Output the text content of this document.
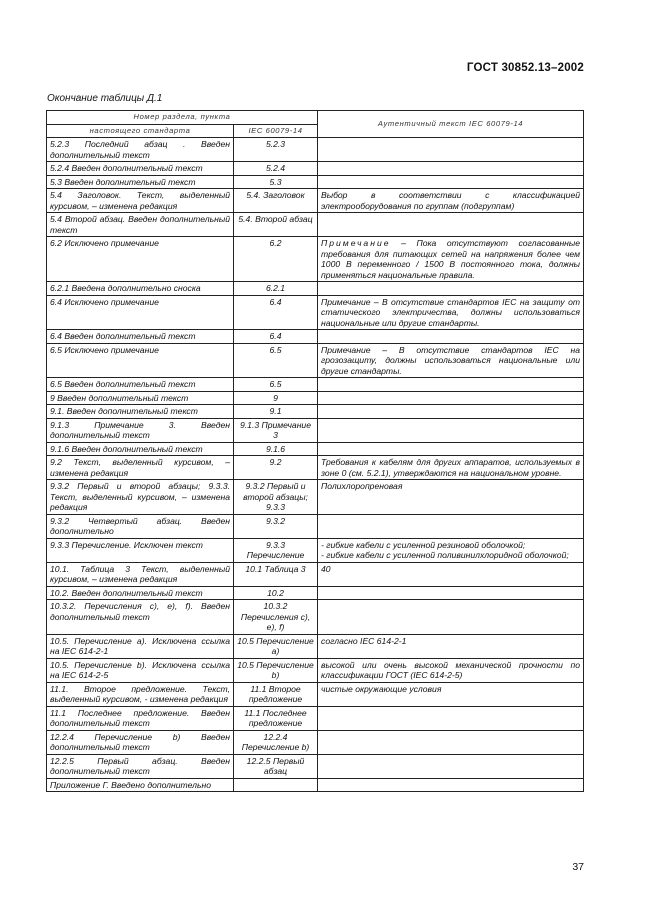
ГОСТ 30852.13–2002
Окончание таблицы Д.1
Номер раздела, пункта		Аутентичный текст IEC 60079-14
настоящего стандарта	IEC 60079-14	
5.2.3 Последний абзац . Введен дополнительный текст	5.2.3	
5.2.4 Введен дополнительный текст	5.2.4	
5.3 Введен дополнительный текст	5.3	
5.4 Заголовок. Текст, выделенный курсивом, – изменена редакция	5.4. Заголовок	Выбор в соответствии с классификацией электрооборудования по группам (подгруппам)
5.4 Второй абзац. Введен дополнительный текст	5.4. Второй абзац	
6.2 Исключено примечание	6.2	Примечание – Пока отсутствуют согласованные требования для питающих сетей на напряжения более чем 1000 В переменного / 1500 В постоянного тока, должны применяться национальные правила.
6.2.1 Введена дополнительно сноска	6.2.1	
6.4 Исключено примечание	6.4	Примечание – В отсутствие стандартов IEC на защиту от статического электричества, должны использоваться национальные или другие стандарты.
6.4 Введен дополнительный текст	6.4	
6.5 Исключено примечание	6.5	Примечание – В отсутствие стандартов IEC на грозозащиту, должны использоваться национальные или другие стандарты.
6.5 Введен дополнительный текст	6.5	
9 Введен дополнительный текст	9	
9.1. Введен дополнительный текст	9.1	
9.1.3 Примечание 3. Введен дополнительный текст	9.1.3 Примечание 3	
9.1.6 Введен дополнительный текст	9.1.6	
9.2 Текст, выделенный курсивом, –изменена редакция	9.2	Требования к кабелям для других аппаратов, используемых в зоне 0 (см. 5.2.1), утверждаются на национальном уровне.
9.3.2 Первый и второй абзацы; 9.3.3. Текст, выделенный курсивом, – изменена редакция	9.3.2 Первый и второй абзацы; 9.3.3	Полихлоропреновая
9.3.2 Четвертый абзац. Введен дополнительно	9.3.2	
9.3.3 Перечисление. Исключен текст	9.3.3 Перечисление	- гибкие кабели с усиленной резиновой оболочкой;
- гибкие кабели с усиленной поливинилхлоридной оболочкой;

10.1. Таблица 3 Текст, выделенный курсивом, – изменена редакция	10.1 Таблица 3	40
10.2. Введен дополнительный текст	10.2	
10.3.2. Перечисления с), е), f). Введен дополнительный текст	10.3.2 Перечисления с), е), f)	
10.5. Перечисление а). Исключена ссылка на IEC 614-2-1	10.5 Перечисление а)	согласно IEC 614-2-1
10.5. Перечисление b). Исключена ссылка на IEC 614-2-5	10.5 Перечисление b)	высокой или очень высокой механической прочности по классификации ГОСТ (IEC 614-2-5)
11.1. Второе предложение. Текст, выделенный курсивом, - изменена редакция	11.1 Второе предложение	чистые окружающие условия
11.1 Последнее предложение. Введен дополнительный текст	11.1 Последнее предложение	
12.2.4 Перечисление b) Введен дополнительный текст	12.2.4 Перечисление b)	
12.2.5 Первый абзац. Введен дополнительный текст	12.2.5 Первый абзац	
Приложение Г. Введено дополнительно		
37
